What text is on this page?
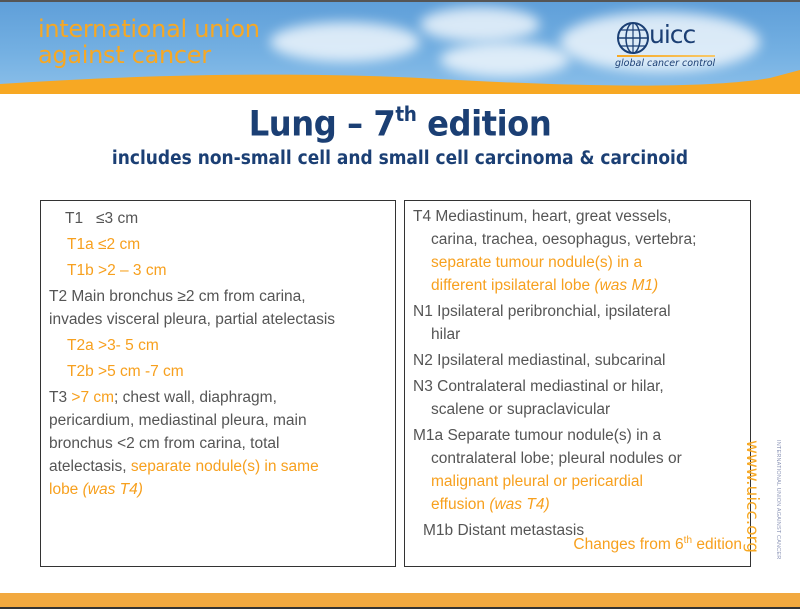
international union
against cancer
uicc
global cancer control
Lung – 7th edition
includes non-small cell and small cell carcinoma & carcinoid
T1 ≤3 cm
T1a ≤2 cm
T1b >2 – 3 cm
T2 Main bronchus ≥2 cm from carina,
invades visceral pleura, partial atelectasis
T2a >3- 5 cm
T2b >5 cm -7 cm
T3 >7 cm; chest wall, diaphragm,
pericardium, mediastinal pleura, main
bronchus <2 cm from carina, total
atelectasis, separate nodule(s) in same
lobe (was T4)
T4 Mediastinum, heart, great vessels,
carina, trachea, oesophagus, vertebra;
separate tumour nodule(s) in a
different ipsilateral lobe (was M1)
N1 Ipsilateral peribronchial, ipsilateral
hilar
N2 Ipsilateral mediastinal, subcarinal
N3 Contralateral mediastinal or hilar,
scalene or supraclavicular
M1a Separate tumour nodule(s) in a
contralateral lobe; pleural nodules or
malignant pleural or pericardial
effusion (was T4)
M1b Distant metastasis
Changes from 6th edition www.uicc.org INTERNATIONAL UNION AGAINST CANCER
